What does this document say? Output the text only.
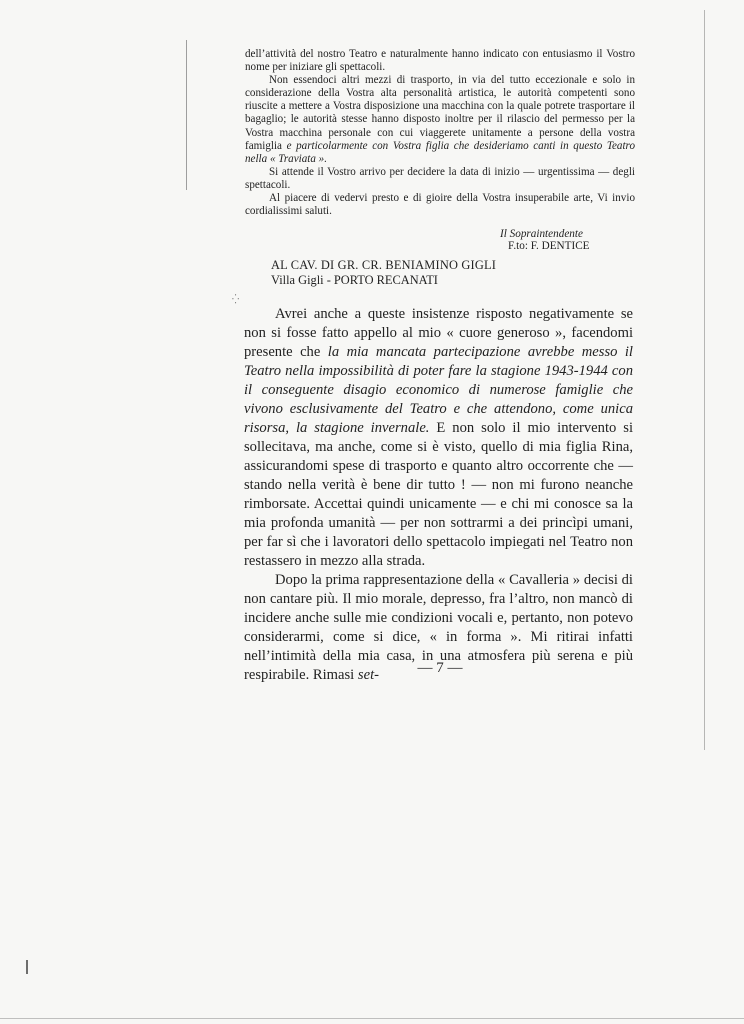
⁛

dell’attività del nostro Teatro e naturalmente hanno indicato con entusiasmo il Vostro nome per iniziare gli spettacoli.

Non essendoci altri mezzi di trasporto, in via del tutto eccezionale e solo in considerazione della Vostra alta personalità artistica, le autorità competenti sono riuscite a mettere a Vostra disposizione una macchina con la quale potrete trasportare il bagaglio; le autorità stesse hanno disposto inoltre per il rilascio del permesso per la Vostra macchina personale con cui viaggerete unitamente a persone della vostra famiglia e particolarmente con Vostra figlia che desideriamo canti in questo Teatro nella « Traviata ».

Si attende il Vostro arrivo per decidere la data di inizio — urgentissima — degli spettacoli.

Al piacere di vedervi presto e di gioire della Vostra insuperabile arte, Vi invio cordialissimi saluti.

Il Sopraintendente
F.to: F. DENTICE
AL CAV. DI GR. CR. BENIAMINO GIGLI
Villa Gigli - PORTO RECANATI

Avrei anche a queste insistenze risposto negativamente se non si fosse fatto appello al mio « cuore generoso », facendomi presente che la mia mancata partecipazione avrebbe messo il Teatro nella impossibilità di poter fare la stagione 1943-1944 con il conseguente disagio economico di numerose famiglie che vivono esclusivamente del Teatro e che attendono, come unica risorsa, la stagione invernale. E non solo il mio intervento si sollecitava, ma anche, come si è visto, quello di mia figlia Rina, assicurandomi spese di trasporto e quanto altro occorrente che — stando nella verità è bene dir tutto ! — non mi furono neanche rimborsate. Accettai quindi unicamente — e chi mi conosce sa la mia profonda umanità — per non sottrarmi a dei princìpi umani, per far sì che i lavoratori dello spettacolo impiegati nel Teatro non restassero in mezzo alla strada.

Dopo la prima rappresentazione della « Cavalleria » decisi di non cantare più. Il mio morale, depresso, fra l’altro, non mancò di incidere anche sulle mie condizioni vocali e, pertanto, non potevo considerarmi, come si dice, « in forma ». Mi ritirai infatti nell’intimità della mia casa, in una atmosfera più serena e più respirabile. Rimasi set-	— 7 —
